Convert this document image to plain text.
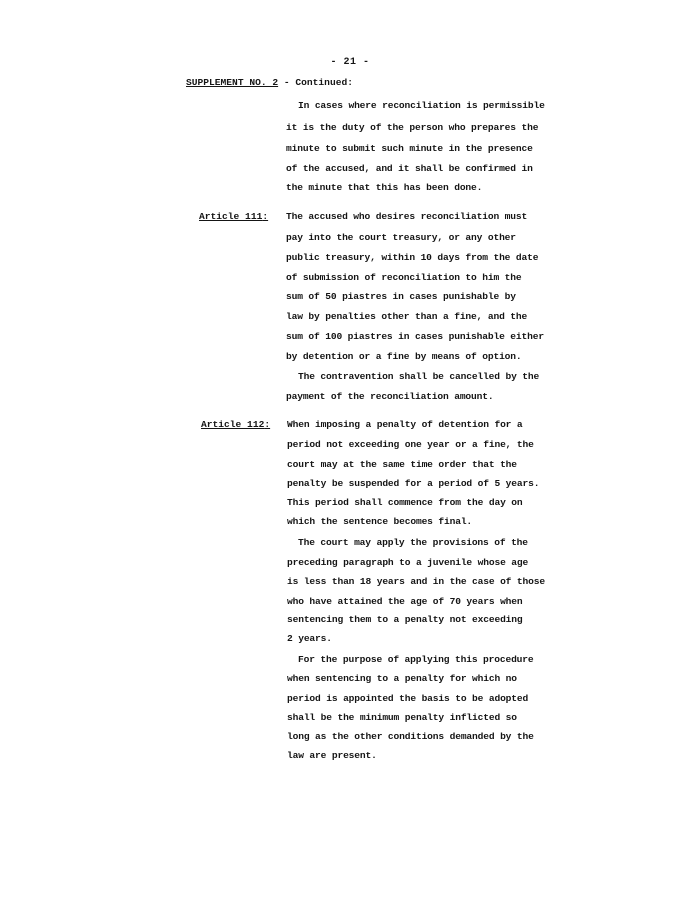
- 21 -
SUPPLEMENT NO. 2 - Continued:
In cases where reconciliation is permissible
it is the duty of the person who prepares the
minute to submit such minute in the presence
of the accused, and it shall be confirmed in
the minute that this has been done.
Article 111: The accused who desires reconciliation must
pay into the court treasury, or any other
public treasury, within 10 days from the date
of submission of reconciliation to him the
sum of 50 piastres in cases punishable by
law by penalties other than a fine, and the
sum of 100 piastres in cases punishable either
by detention or a fine by means of option.
The contravention shall be cancelled by the
payment of the reconciliation amount.
Article 112: When imposing a penalty of detention for a
period not exceeding one year or a fine, the
court may at the same time order that the
penalty be suspended for a period of 5 years.
This period shall commence from the day on
which the sentence becomes final.
The court may apply the provisions of the
preceding paragraph to a juvenile whose age
is less than 18 years and in the case of those
who have attained the age of 70 years when
sentencing them to a penalty not exceeding
2 years.
For the purpose of applying this procedure
when sentencing to a penalty for which no
period is appointed the basis to be adopted
shall be the minimum penalty inflicted so
long as the other conditions demanded by the
law are present.
